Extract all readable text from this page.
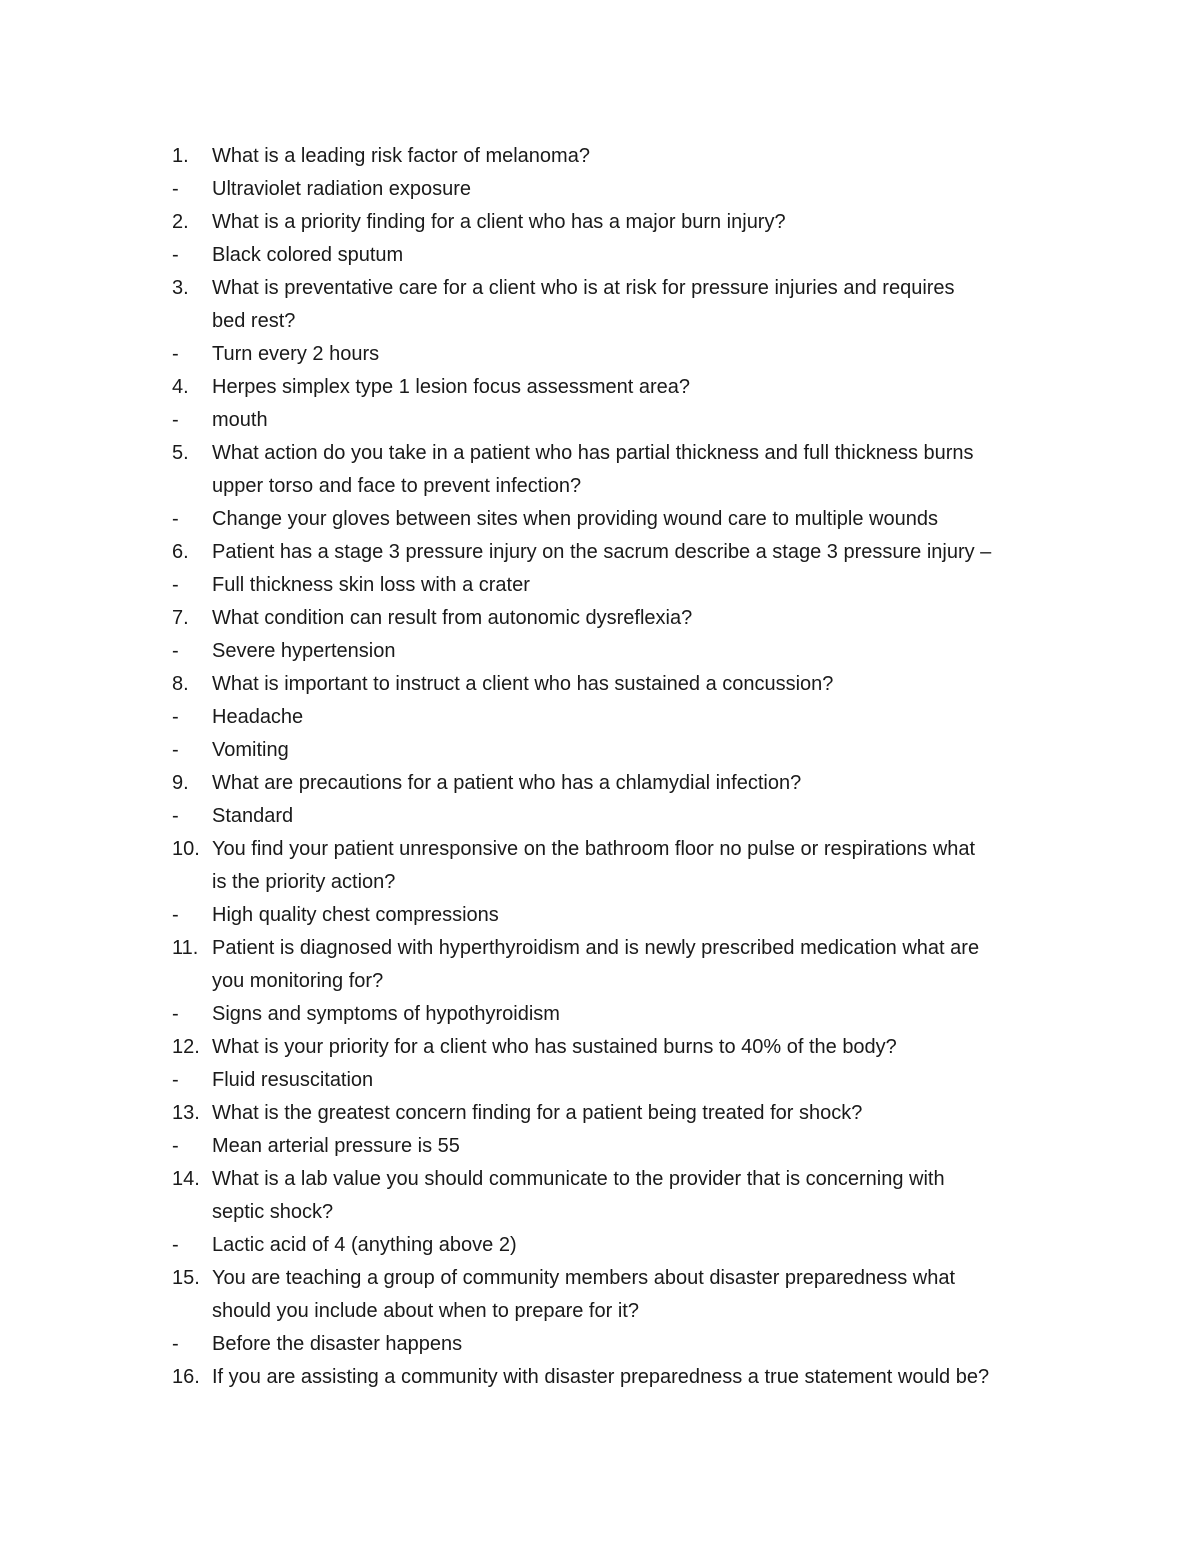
1.	What is a leading risk factor of melanoma?
-	Ultraviolet radiation exposure
2.	What is a priority finding for a client who has a major burn injury?
-	Black colored sputum
3.	What is preventative care for a client who is at risk for pressure injuries and requires
bed rest?
-	Turn every 2 hours
4.	Herpes simplex type 1 lesion focus assessment area?
-	mouth
5.	What action do you take in a patient who has partial thickness and full thickness burns
upper torso and face to prevent infection?
-	Change your gloves between sites when providing wound care to multiple wounds
6.	Patient has a stage 3 pressure injury on the sacrum describe a stage 3 pressure injury –
-	Full thickness skin loss with a crater
7.	What condition can result from autonomic dysreflexia?
-	Severe hypertension
8.	What is important to instruct a client who has sustained a concussion?
-	Headache
-	Vomiting
9.	What are precautions for a patient who has a chlamydial infection?
-	Standard
10. You find your patient unresponsive on the bathroom floor no pulse or respirations what
is the priority action?
-	High quality chest compressions
11. Patient is diagnosed with hyperthyroidism and is newly prescribed medication what are
you monitoring for?
-	Signs and symptoms of hypothyroidism
12. What is your priority for a client who has sustained burns to 40% of the body?
-	Fluid resuscitation
13. What is the greatest concern finding for a patient being treated for shock?
-	Mean arterial pressure is 55
14. What is a lab value you should communicate to the provider that is concerning with
septic shock?
-	Lactic acid of 4 (anything above 2)
15. You are teaching a group of community members about disaster preparedness what
should you include about when to prepare for it?
-	Before the disaster happens
16. If you are assisting a community with disaster preparedness a true statement would be?
